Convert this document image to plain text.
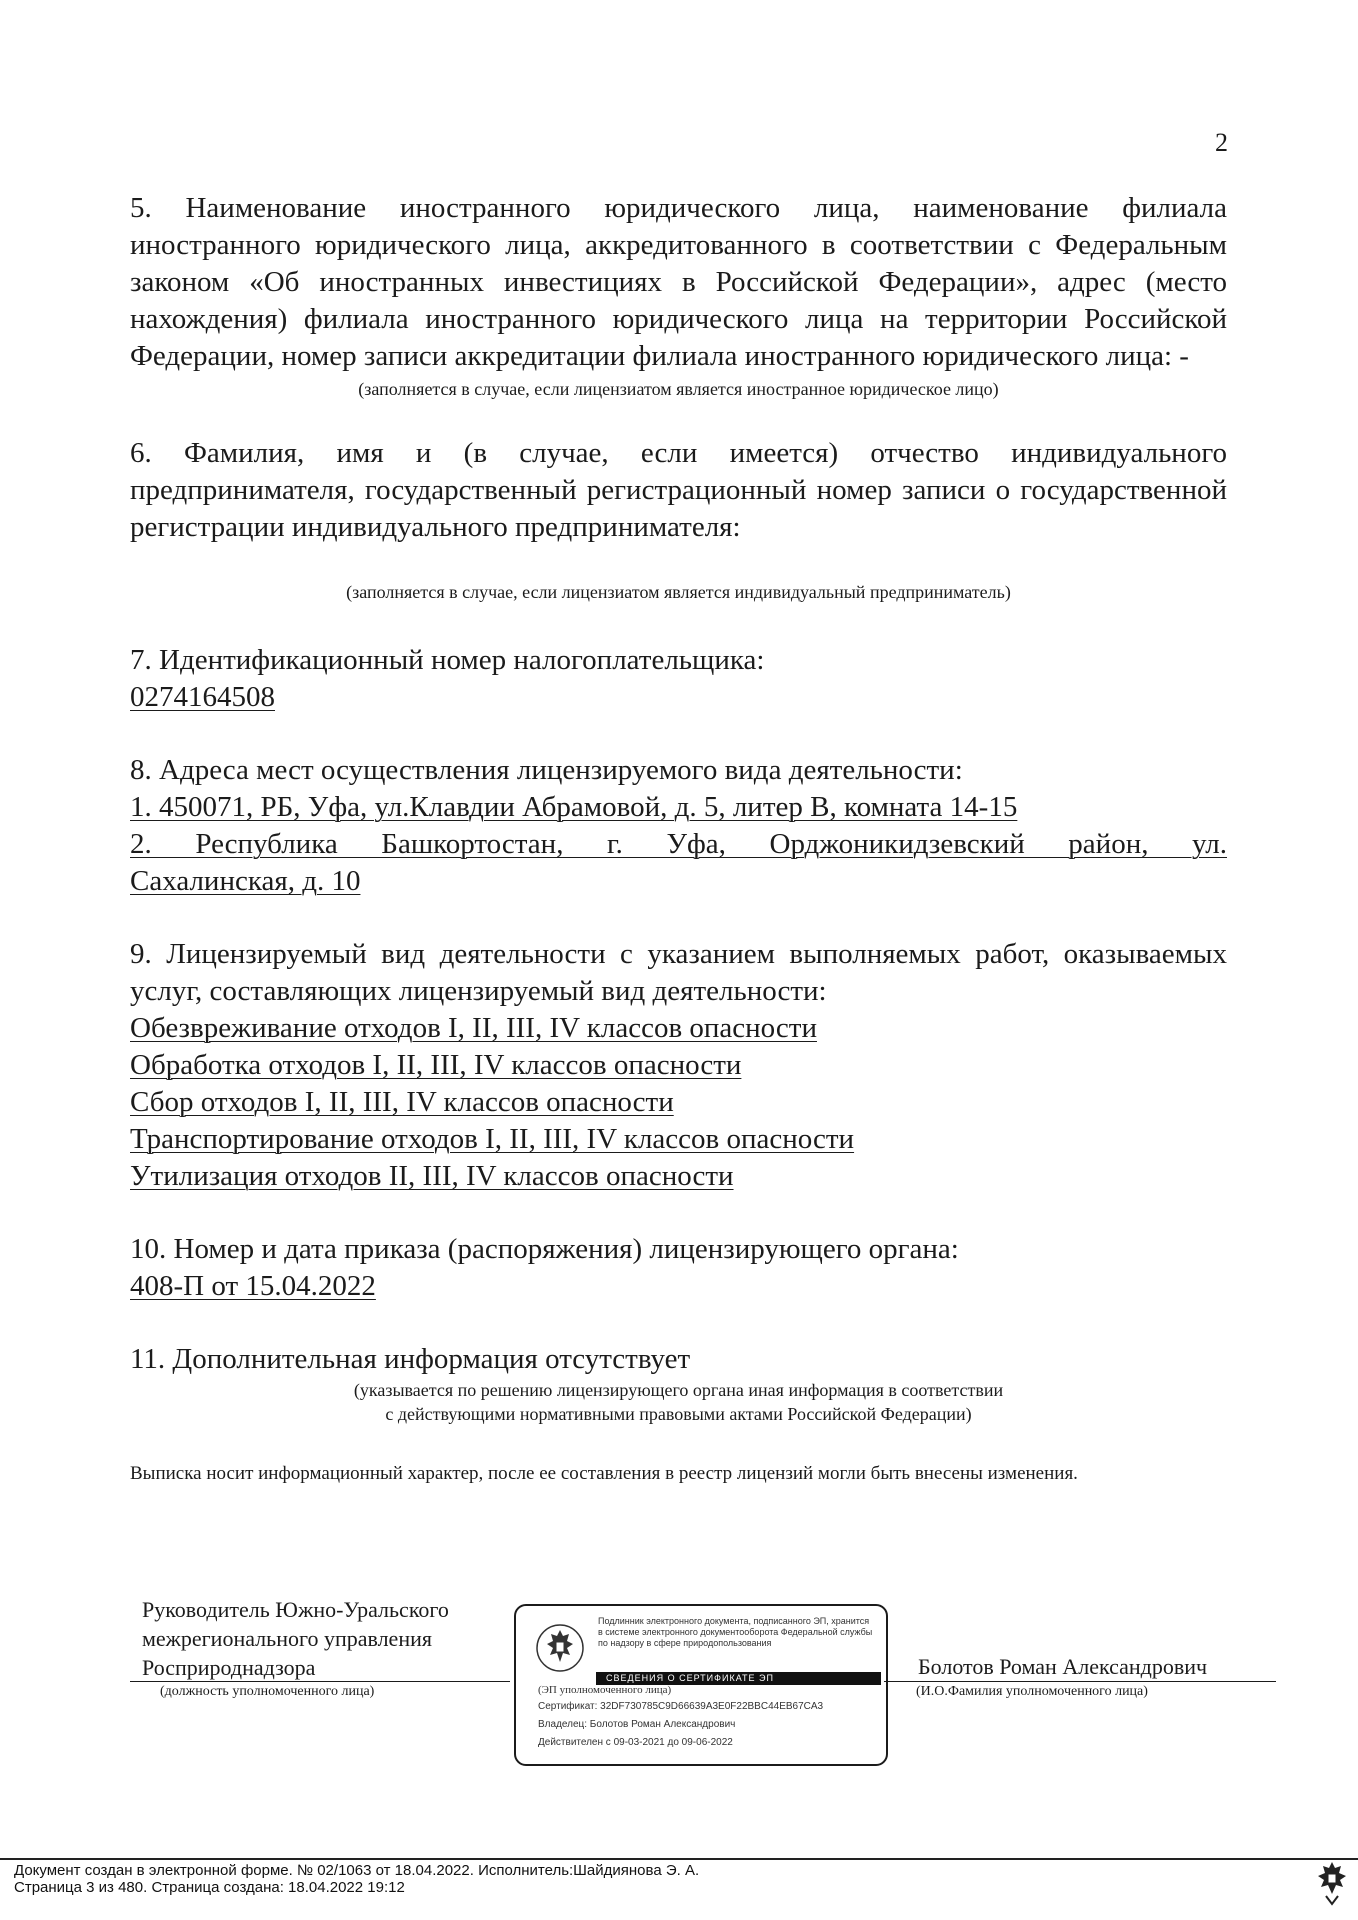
2

5. Наименование иностранного юридического лица, наименование филиала иностранного юридического лица, аккредитованного в соответствии с Федеральным законом «Об иностранных инвестициях в Российской Федерации», адрес (место нахождения) филиала иностранного юридического лица на территории Российской Федерации, номер записи аккредитации филиала иностранного юридического лица: -

(заполняется в случае, если лицензиатом является иностранное юридическое лицо)

6. Фамилия, имя и (в случае, если имеется) отчество индивидуального предпринимателя, государственный регистрационный номер записи о государственной регистрации индивидуального предпринимателя:

(заполняется в случае, если лицензиатом является индивидуальный предприниматель)

7. Идентификационный номер налогоплательщика:

0274164508

8. Адреса мест осуществления лицензируемого вида деятельности:

1. 450071, РБ, Уфа, ул.Клавдии Абрамовой, д. 5, литер В, комната 14-15

2. Республика Башкортостан, г. Уфа, Орджоникидзевский район, ул.

Сахалинская, д. 10

9. Лицензируемый вид деятельности с указанием выполняемых работ, оказываемых услуг, составляющих лицензируемый вид деятельности:

Обезвреживание отходов I, II, III, IV классов опасности

Обработка отходов I, II, III, IV классов опасности

Сбор отходов I, II, III, IV классов опасности

Транспортирование отходов I, II, III, IV классов опасности

Утилизация отходов II, III, IV классов опасности

10. Номер и дата приказа (распоряжения) лицензирующего органа:

408-П от 15.04.2022

11. Дополнительная информация отсутствует

(указывается по решению лицензирующего органа иная информация в соответствии

с действующими нормативными правовыми актами Российской Федерации)

Выписка носит информационный характер, после ее составления в реестр лицензий могли быть внесены изменения.

Руководитель Южно-Уральского
межрегионального управления
Росприроднадзора
(должность уполномоченного лица)
Подлинник электронного документа, подписанного ЭП, хранится в системе электронного документооборота Федеральной службы по надзору в сфере природопользования
СВЕДЕНИЯ О СЕРТИФИКАТЕ ЭП
(ЭП уполномоченного лица)
Сертификат: 32DF730785C9D66639A3E0F22BBC44EB67CA3
Владелец: Болотов Роман Александрович
Действителен с 09-03-2021 до 09-06-2022
Болотов Роман Александрович
(И.О.Фамилия уполномоченного лица)
Документ создан в электронной форме. № 02/1063 от 18.04.2022. Исполнитель:Шайдиянова Э. А.
Страница 3 из 480. Страница создана: 18.04.2022 19:12
